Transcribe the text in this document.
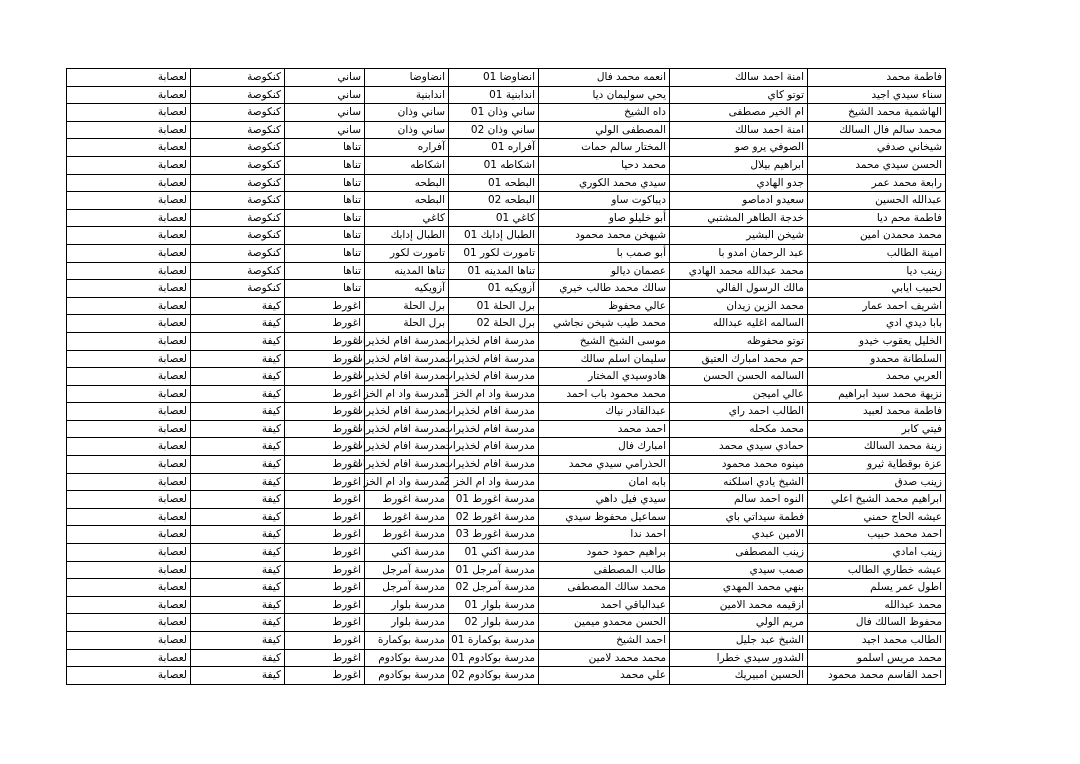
فاطمة محمد	امنة احمد سالك	انعمه محمد فال	انضاوضا 01	انضاوضا	ساني	كنكوصة	لعصابة
سناء سيدي اجيد	توتو كاي	يحي سوليمان ديا	اندابنية 01	اندابنية	ساني	كنكوصة	لعصابة
الهاشمية محمد الشيخ	ام الخير مصطفى	داه الشيخ	ساني وذان 01	ساني وذان	ساني	كنكوصة	لعصابة
محمد سالم فال السالك	امنة احمد سالك	المصطفى الولي	ساني وذان 02	ساني وذان	ساني	كنكوصة	لعصابة
شيخاني صدفي	الصوفي يرو صو	المختار سالم حمات	آفراره 01	آفراره	تناها	كنكوصة	لعصابة
الحسن سيدي محمد	ابراهيم بيلال	محمد دحيا	اشكاطه 01	اشكاطه	تناها	كنكوصة	لعصابة
رابعة محمد عمر	جدو الهادي	سيدي محمد الكوري	البطحه 01	البطحه	تناها	كنكوصة	لعصابة
عبدالله الحسين	سعيدو ادماصو	ديباكوت ساو	البطحه 02	البطحه	تناها	كنكوصة	لعصابة
فاطمة محم ديا	خدجة الطاهر المشتبي	أبو خليلو صاو	كاغي 01	كاغي	تناها	كنكوصة	لعصابة
محمد محمدن امين	شيخن البشير	شيهخن محمد محمود	الطبال إدابك 01	الطبال إدابك	تناها	كنكوصة	لعصابة
امينة الطالب	عبد الرحمان امدو با	أبو صمب با	تامورت لكور 01	تامورت لكور	تناها	كنكوصة	لعصابة
زينب ديا	محمد عبدالله محمد الهادي	عصمان ديالو	تناها المدينه 01	تناها المدينه	تناها	كنكوصة	لعصابة
لحبيب ايابي	مالك الرسول الفالي	سالك محمد طالب خيري	آزويكيه 01	آزويكيه	تناها	كنكوصة	لعصابة
اشريف احمد عمار	محمد الزين زيدان	عالي محفوظ	برل الحلة 01	برل الحلة	اغورط	كيفة	لعصابة
بابا ديدي ادي	السالمه اغليه عبدالله	محمد طيب شيخن نجاشي	برل الحلة 02	برل الحلة	اغورط	كيفة	لعصابة
الخليل يعقوب خيدو	توتو محفوظه	موسى الشيخ الشيخ	مدرسة افام لخذيرات	مدرسة افام لخذيرات	اغورط	كيفة	لعصابة
السلطانة محمدو	حم محمد امبارك العتيق	سليمان اسلم سالك	مدرسة افام لخذيرات	مدرسة افام لخذيرات	اغورط	كيفة	لعصابة
العربي محمد	السالمه الحسن الحسن	هادوسيدي المختار	مدرسة افام لخذيرات	مدرسة افام لخذيرات	اغورط	كيفة	لعصابة
نزيهة محمد سيد ابراهيم	عالي اميجن	محمد محمود باب احمد	مدرسة واد ام الخز 1	مدرسة واد ام الخز	اغورط	كيفة	لعصابة
فاطمة محمد لعبيد	الطالب احمد راي	عبدالقادر نياك	مدرسة افام لخذيرات	مدرسة افام لخذيرات	اغورط	كيفة	لعصابة
فيتي كابر	محمد مكحله	احمد محمد	مدرسة افام لخذيرات	مدرسة افام لخذيرات	اغورط	كيفة	لعصابة
زينة محمد السالك	حمادي سيدي محمد	امبارك فال	مدرسة افام لخذيرات	مدرسة افام لخذيرات	اغورط	كيفة	لعصابة
عزة بوقطاية ثيرو	مينوه محمد محمود	الحذرامي سيدي محمد	مدرسة افام لخذيرات	مدرسة افام لخذيرات	اغورط	كيفة	لعصابة
زينب صدق	الشيخ يادي اسلكنه	بابه امان	مدرسة واد ام الخز 2	مدرسة واد ام الخز	اغورط	كيفة	لعصابة
ابراهيم محمد الشيخ اعلي	النوه احمد سالم	سيدي فيل داهي	مدرسة اغورط 01	مدرسة اغورط	اغورط	كيفة	لعصابة
عيشه الحاج حمني	فطمة سيداتي باي	سماعيل محفوظ سيدي	مدرسة اغورط 02	مدرسة اغورط	اغورط	كيفة	لعصابة
احمد محمد حبيب	الامين عبدي	احمد ندا	مدرسة اغورط 03	مدرسة اغورط	اغورط	كيفة	لعصابة
زينب امادي	زينب المصطفى	براهيم حمود حمود	مدرسة اكني 01	مدرسة اكني	اغورط	كيفة	لعصابة
عيشه خطاري الطالب	صمب سيدي	طالب المصطفى	مدرسة آمرجل 01	مدرسة آمرجل	اغورط	كيفة	لعصابة
اطول عمر يسلم	بنهي محمد المهدي	محمد سالك المصطفى	مدرسة آمرجل 02	مدرسة آمرجل	اغورط	كيفة	لعصابة
محمد عبدالله	ازقيمه محمد الامين	عبدالباقي احمد	مدرسة بلوار 01	مدرسة بلوار	اغورط	كيفة	لعصابة
محفوظ السالك فال	مريم الولي	الحسن محمدو ميمين	مدرسة بلوار 02	مدرسة بلوار	اغورط	كيفة	لعصابة
الطالب محمد اجيد	الشيخ عبد جليل	احمد الشيخ	مدرسة بوكمارة 01	مدرسة بوكمارة	اغورط	كيفة	لعصابة
محمد مريس اسلمو	الشدور سيدي خطرا	محمد محمد لامين	مدرسة بوكادوم 01	مدرسة بوكادوم	اغورط	كيفة	لعصابة
احمد القاسم محمد محمود	الحسين امبيريك	علي محمد	مدرسة بوكادوم 02	مدرسة بوكادوم	اغورط	كيفة	لعصابة
